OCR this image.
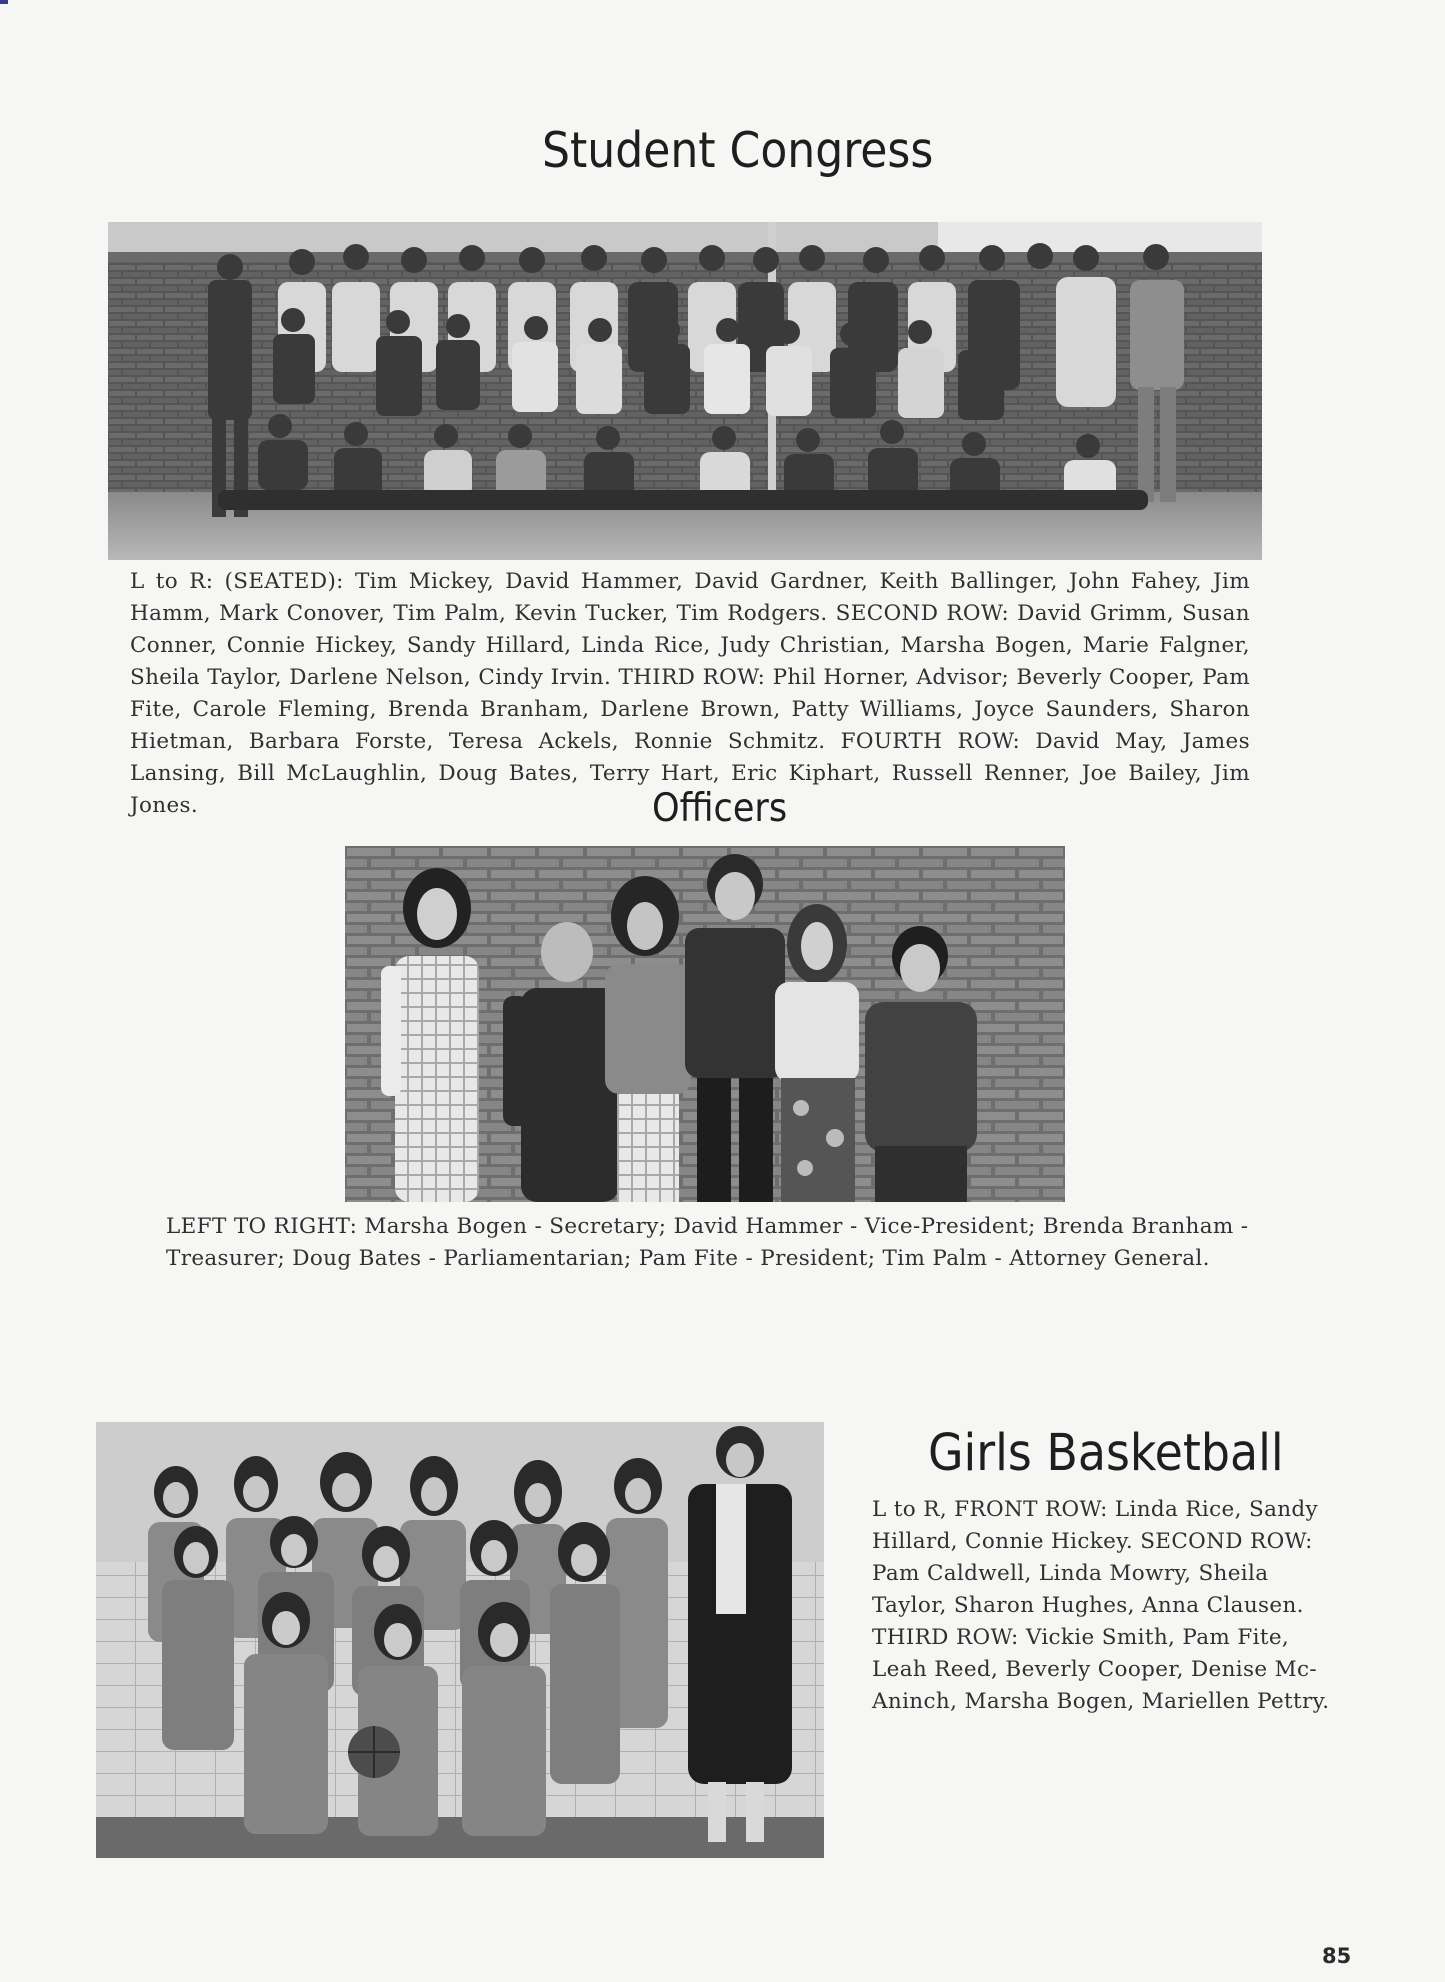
Student Congress

L to R: (SEATED): Tim Mickey, David Hammer, David Gardner, Keith Ballinger, John Fahey, Jim Hamm, Mark Conover, Tim Palm, Kevin Tucker, Tim Rodgers. SECOND ROW: David Grimm, Susan Conner, Connie Hickey, Sandy Hillard, Linda Rice, Judy Christian, Marsha Bogen, Marie Falgner, Sheila Taylor, Darlene Nelson, Cindy Irvin. THIRD ROW: Phil Horner, Advisor; Beverly Cooper, Pam Fite, Carole Fleming, Brenda Branham, Darlene Brown, Patty Williams, Joyce Saunders, Sharon Hietman, Barbara Forste, Teresa Ackels, Ronnie Schmitz. FOURTH ROW: David May, James Lansing, Bill McLaughlin, Doug Bates, Terry Hart, Eric Kiphart, Russell Renner, Joe Bailey, Jim Jones.	Officers

LEFT TO RIGHT: Marsha Bogen - Secretary; David Hammer - Vice-President; Brenda Branham - Treasurer; Doug Bates - Parliamentarian; Pam Fite - President; Tim Palm - Attorney General.

Girls Basketball

L to R, FRONT ROW: Linda Rice, Sandy Hillard, Connie Hickey. SECOND ROW: Pam Caldwell, Linda Mowry, Sheila Taylor, Sharon Hughes, Anna Clausen. THIRD ROW: Vickie Smith, Pam Fite, Leah Reed, Beverly Cooper, Denise Mc-Aninch, Marsha Bogen, Mariellen Pettry.

85
